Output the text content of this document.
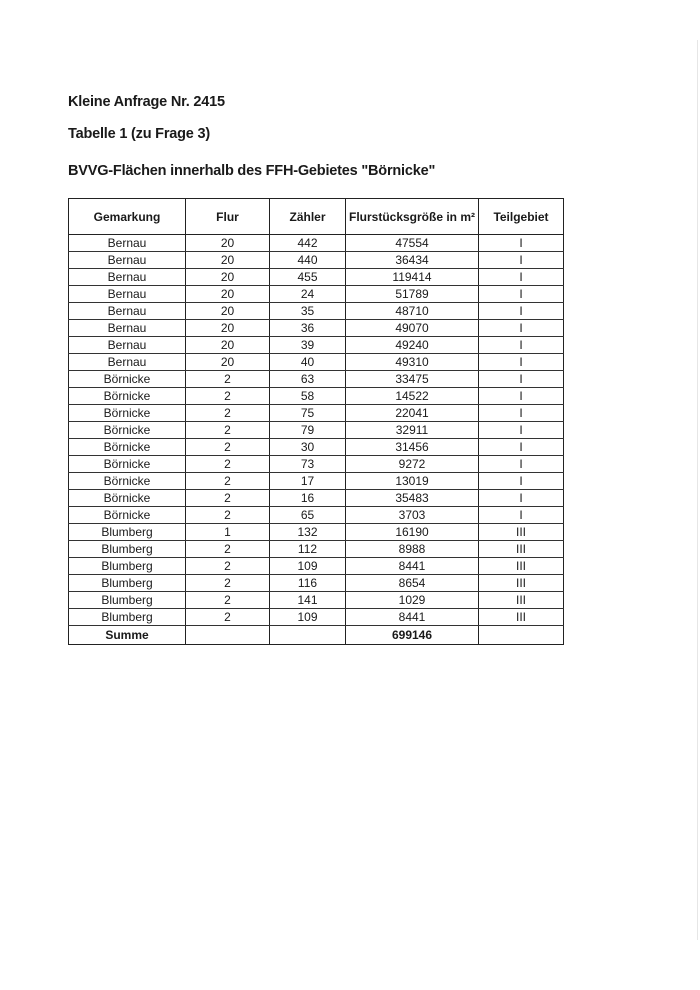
Kleine Anfrage Nr. 2415
Tabelle 1 (zu Frage 3)
BVVG-Flächen innerhalb des FFH-Gebietes "Börnicke"
Gemarkung	Flur	Zähler	Flurstücksgröße in m²	Teilgebiet
Bernau	20	442	47554	I
Bernau	20	440	36434	I
Bernau	20	455	119414	I
Bernau	20	24	51789	I
Bernau	20	35	48710	I
Bernau	20	36	49070	I
Bernau	20	39	49240	I
Bernau	20	40	49310	I
Börnicke	2	63	33475	I
Börnicke	2	58	14522	I
Börnicke	2	75	22041	I
Börnicke	2	79	32911	I
Börnicke	2	30	31456	I
Börnicke	2	73	9272	I
Börnicke	2	17	13019	I
Börnicke	2	16	35483	I
Börnicke	2	65	3703	I
Blumberg	1	132	16190	III
Blumberg	2	112	8988	III
Blumberg	2	109	8441	III
Blumberg	2	116	8654	III
Blumberg	2	141	1029	III
Blumberg	2	109	8441	III
Summe			699146	
